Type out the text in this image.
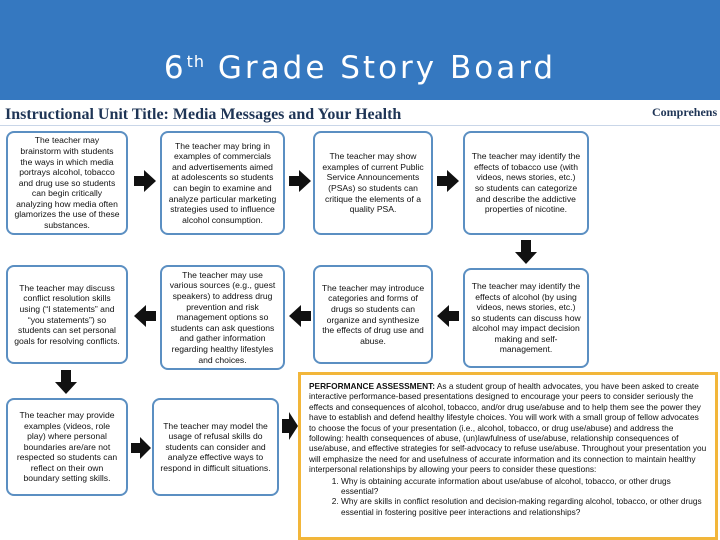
6th Grade Story Board
Instructional Unit Title: Media Messages and Your Health	Comprehens
The teacher may brainstorm with students the ways in which media portrays alcohol, tobacco and drug use so students can begin critically analyzing how media often glamorizes the use of these substances.
The teacher may bring in examples of commercials and advertisements aimed at adolescents so students can begin to examine and analyze particular marketing strategies used to influence alcohol consumption.
The teacher may show examples of current Public Service Announcements (PSAs) so students can critique the elements of a quality PSA.
The teacher may identify the effects of tobacco use (with videos, news stories, etc.) so students can categorize and describe the addictive properties of nicotine.
The teacher may identify the effects of alcohol (by using videos, news stories, etc.) so students can discuss how alcohol may impact decision making and self-management.
The teacher may introduce categories and forms of drugs so students can organize and synthesize the effects of drug use and abuse.
The teacher may use various sources (e.g., guest speakers) to address drug prevention and risk management options so students can ask questions and gather information regarding healthy lifestyles and choices.
The teacher may discuss conflict resolution skills using (“I statements” and “you statements”) so students can set personal goals for resolving conflicts.
The teacher may provide examples (videos, role play) where personal boundaries are/are not respected so students can reflect on their own boundary setting skills.
The teacher may model the usage of refusal skills do students can consider and analyze effective ways to respond in difficult situations.
PERFORMANCE ASSESSMENT: As a student group of health advocates, you have been asked to create interactive performance-based presentations designed to encourage your peers to consider seriously the effects and consequences of alcohol, tobacco, and/or drug use/abuse and to help them see the power they have to establish and defend healthy lifestyle choices. You will work with a small group of fellow advocates to choose the focus of your presentation (i.e., alcohol, tobacco, or drug use/abuse) and address the following: health consequences of abuse, (un)lawfulness of use/abuse, relationship consequences of use/abuse, and effective strategies for self-advocacy to refuse use/abuse. Throughout your presentation you will emphasize the need for and usefulness of accurate information and its connection to maintain healthy interpersonal relationships by allowing your peers to consider these questions:
1. Why is obtaining accurate information about use/abuse of alcohol, tobacco, or other drugs essential?
2. Why are skills in conflict resolution and decision-making regarding alcohol, tobacco, or other drugs essential in fostering positive peer interactions and relationships?
